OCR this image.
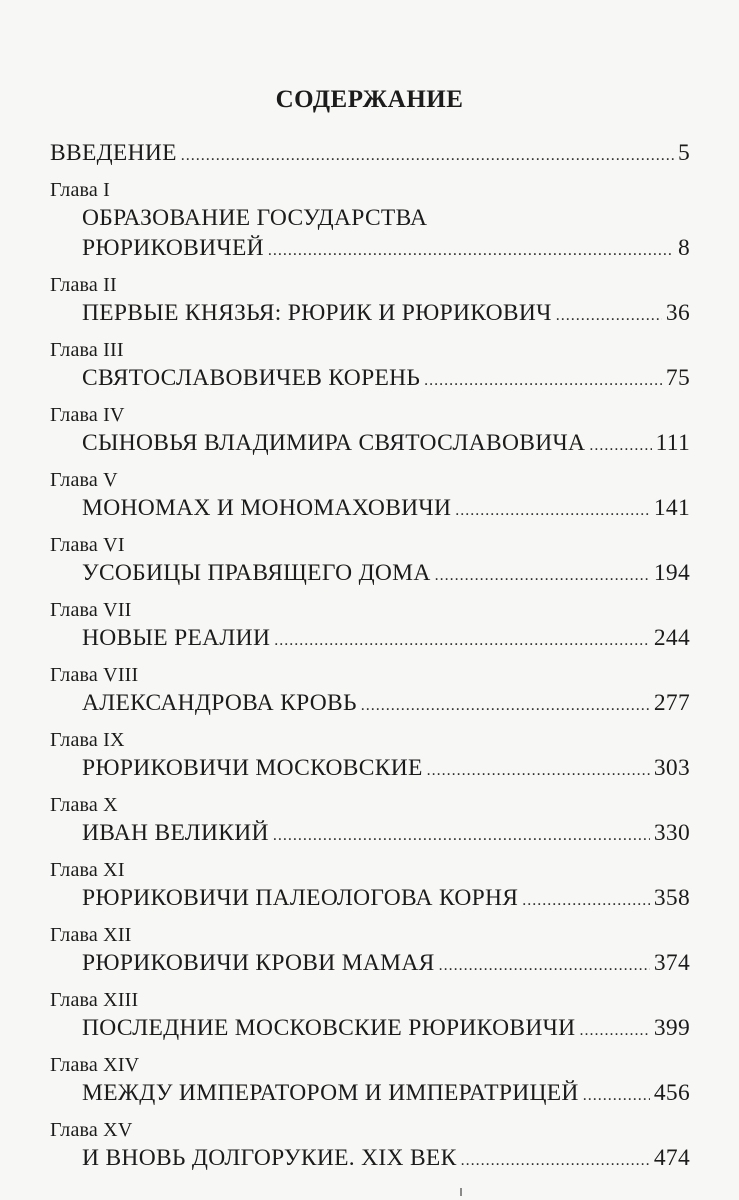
СОДЕРЖАНИЕ
ВВЕДЕНИЕ .....	5
Глава I
ОБРАЗОВАНИЕ ГОСУДАРСТВА
РЮРИКОВИЧЕЙ .....	8
Глава II
ПЕРВЫЕ КНЯЗЬЯ: РЮРИК И РЮРИКОВИЧ .....	36
Глава III
СВЯТОСЛАВОВИЧЕВ КОРЕНЬ .....	75
Глава IV
СЫНОВЬЯ ВЛАДИМИРА СВЯТОСЛАВОВИЧА .....	111
Глава V
МОНОМАХ И МОНОМАХОВИЧИ .....	141
Глава VI
УСОБИЦЫ ПРАВЯЩЕГО ДОМА .....	194
Глава VII
НОВЫЕ РЕАЛИИ .....	244
Глава VIII
АЛЕКСАНДРОВА КРОВЬ .....	277
Глава IX
РЮРИКОВИЧИ МОСКОВСКИЕ .....	303
Глава X
ИВАН ВЕЛИКИЙ .....	330
Глава XI
РЮРИКОВИЧИ ПАЛЕОЛОГОВА КОРНЯ .....	358
Глава XII
РЮРИКОВИЧИ КРОВИ МАМАЯ .....	374
Глава XIII
ПОСЛЕДНИЕ МОСКОВСКИЕ РЮРИКОВИЧИ .....	399
Глава XIV
МЕЖДУ ИМПЕРАТОРОМ И ИМПЕРАТРИЦЕЙ .....	456
Глава XV
И ВНОВЬ ДОЛГОРУКИЕ. XIX ВЕК .....	474
